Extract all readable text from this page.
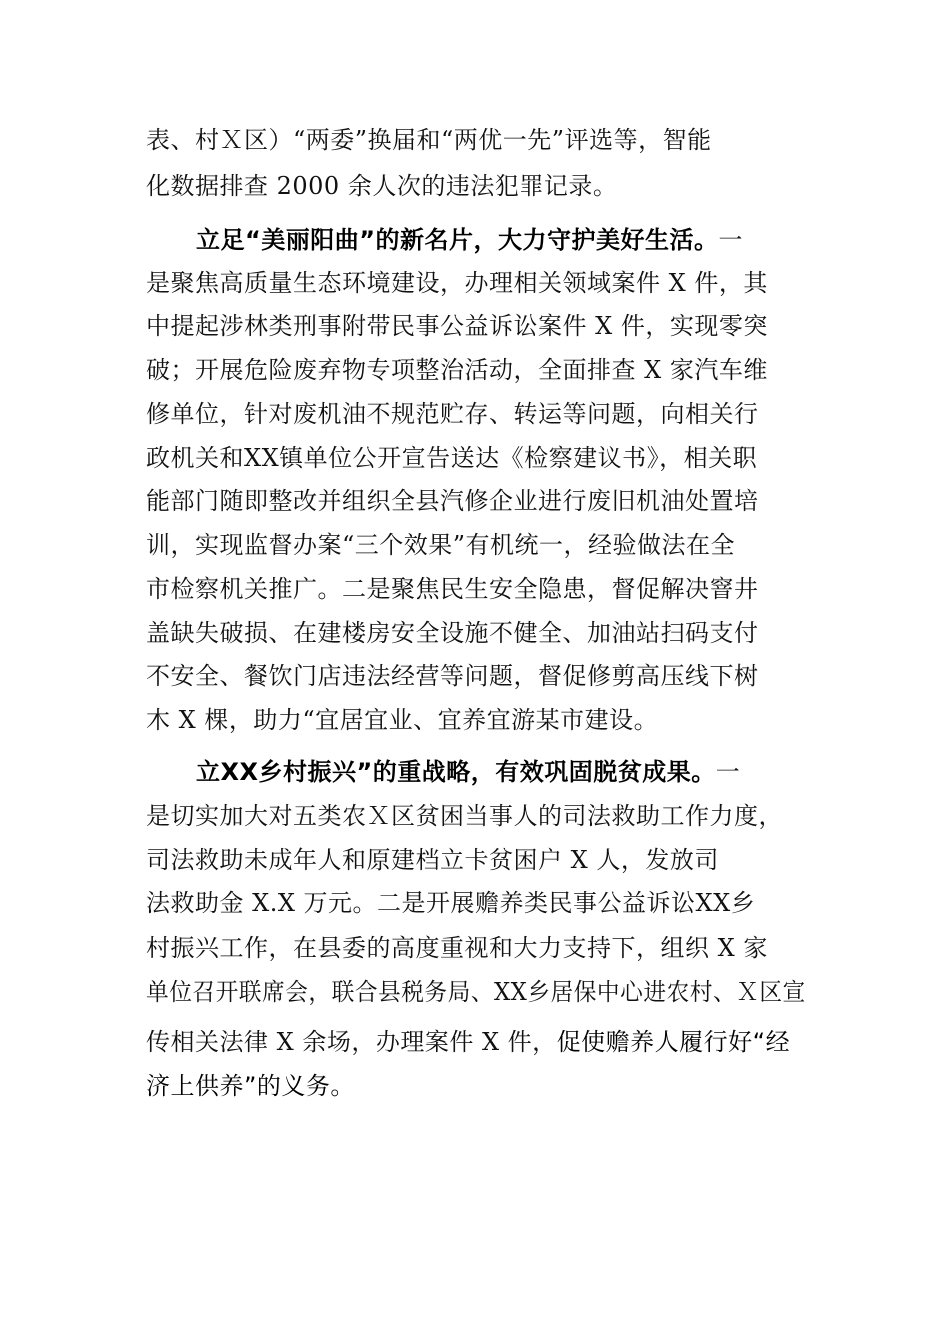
表、村Ｘ区）“两委”换届和“两优一先”评选等，智能
化数据排查 2000 余人次的违法犯罪记录。
立足“美丽阳曲”的新名片，大力守护美好生活。一
是聚焦高质量生态环境建设，办理相关领域案件 X 件，其
中提起涉林类刑事附带民事公益诉讼案件 X 件，实现零突
破；开展危险废弃物专项整治活动，全面排查 X 家汽车维
修单位，针对废机油不规范贮存、转运等问题，向相关行
政机关和XX镇单位公开宣告送达《检察建议书》，相关职
能部门随即整改并组织全县汽修企业进行废旧机油处置培
训，实现监督办案“三个效果”有机统一，经验做法在全
市检察机关推广。二是聚焦民生安全隐患，督促解决窨井
盖缺失破损、在建楼房安全设施不健全、加油站扫码支付
不安全、餐饮门店违法经营等问题，督促修剪高压线下树
木 X 棵，助力“宜居宜业、宜养宜游某市建设。
立XX乡村振兴”的重战略，有效巩固脱贫成果。一
是切实加大对五类农Ｘ区贫困当事人的司法救助工作力度，
司法救助未成年人和原建档立卡贫困户 X 人，发放司
法救助金 X.X 万元。二是开展赡养类民事公益诉讼XX乡
村振兴工作，在县委的高度重视和大力支持下，组织 X 家
单位召开联席会，联合县税务局、XX乡居保中心进农村、Ｘ区宣
传相关法律 X 余场，办理案件 X 件，促使赡养人履行好“经
济上供养”的义务。
